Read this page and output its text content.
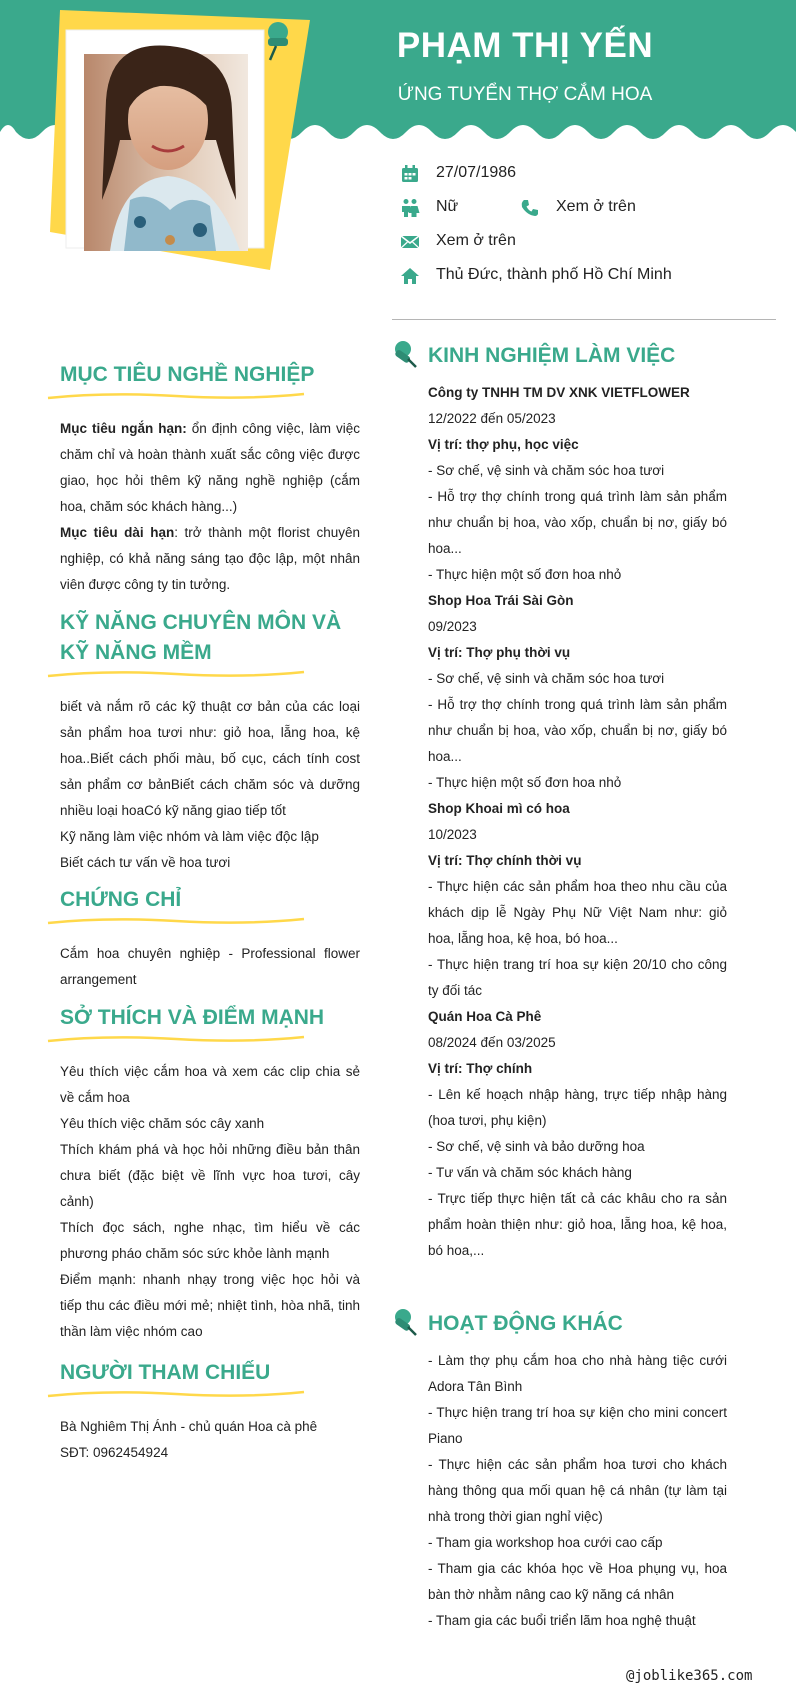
PHẠM THỊ YẾN
ỨNG TUYỂN THỢ CẮM HOA
27/07/1986
Nữ	Xem ở trên
Xem ở trên
Thủ Đức, thành phố Hồ Chí Minh
MỤC TIÊU NGHỀ NGHIỆP
Mục tiêu ngắn hạn: ổn định công việc, làm việc chăm chỉ và hoàn thành xuất sắc công việc được giao, học hỏi thêm kỹ năng nghề nghiệp (cắm hoa, chăm sóc khách hàng...)
Mục tiêu dài hạn: trở thành một florist chuyên nghiệp, có khả năng sáng tạo độc lập, một nhân viên được công ty tin tưởng.
KỸ NĂNG CHUYÊN MÔN VÀ KỸ NĂNG MỀM
biết và nắm rõ các kỹ thuật cơ bản của các loại sản phẩm hoa tươi như: giỏ hoa, lẵng hoa, kệ hoa..Biết cách phối màu, bố cục, cách tính cost sản phẩm cơ bảnBiết cách chăm sóc và dưỡng nhiều loại hoaCó kỹ năng giao tiếp tốt
Kỹ năng làm việc nhóm và làm việc độc lập
Biết cách tư vấn về hoa tươi
CHỨNG CHỈ
Cắm hoa chuyên nghiệp - Professional flower arrangement
SỞ THÍCH VÀ ĐIỂM MẠNH
Yêu thích việc cắm hoa và xem các clip chia sẻ về cắm hoa
Yêu thích việc chăm sóc cây xanh
Thích khám phá và học hỏi những điều bản thân chưa biết (đặc biệt về lĩnh vực hoa tươi, cây cảnh)
Thích đọc sách, nghe nhạc, tìm hiểu về các phương pháo chăm sóc sức khỏe lành mạnh
Điểm mạnh: nhanh nhạy trong việc học hỏi và tiếp thu các điều mới mẻ; nhiệt tình, hòa nhã, tinh thần làm việc nhóm cao
NGƯỜI THAM CHIẾU
Bà Nghiêm Thị Ánh - chủ quán Hoa cà phê
SĐT: 0962454924
KINH NGHIỆM LÀM VIỆC
Công ty TNHH TM DV XNK VIETFLOWER
12/2022 đến 05/2023
Vị trí: thợ phụ, học việc
- Sơ chế, vệ sinh và chăm sóc hoa tươi
- Hỗ trợ thợ chính trong quá trình làm sản phẩm như chuẩn bị hoa, vào xốp, chuẩn bị nơ, giấy bó hoa...
- Thực hiện một số đơn hoa nhỏ
Shop Hoa Trái Sài Gòn
09/2023
Vị trí: Thợ phụ thời vụ
- Sơ chế, vệ sinh và chăm sóc hoa tươi
- Hỗ trợ thợ chính trong quá trình làm sản phẩm như chuẩn bị hoa, vào xốp, chuẩn bị nơ, giấy bó hoa...
- Thực hiện một số đơn hoa nhỏ
Shop Khoai mì có hoa
10/2023
Vị trí: Thợ chính thời vụ
- Thực hiện các sản phẩm hoa theo nhu cầu của khách dịp lễ Ngày Phụ Nữ Việt Nam như: giỏ hoa, lẵng hoa, kệ hoa, bó hoa...
- Thực hiện trang trí hoa sự kiện 20/10 cho công ty đối tác
Quán Hoa Cà Phê
08/2024 đến 03/2025
Vị trí: Thợ chính
- Lên kế hoạch nhập hàng, trực tiếp nhập hàng (hoa tươi, phụ kiện)
- Sơ chế, vệ sinh và bảo dưỡng hoa
- Tư vấn và chăm sóc khách hàng
- Trực tiếp thực hiện tất cả các khâu cho ra sản phẩm hoàn thiện như: giỏ hoa, lẵng hoa, kệ hoa, bó hoa,...
HOẠT ĐỘNG KHÁC
- Làm thợ phụ cắm hoa cho nhà hàng tiệc cưới Adora Tân Bình
- Thực hiện trang trí hoa sự kiện cho mini concert Piano
- Thực hiện các sản phẩm hoa tươi cho khách hàng thông qua mối quan hệ cá nhân (tự làm tại nhà trong thời gian nghỉ việc)
- Tham gia workshop hoa cưới cao cấp
- Tham gia các khóa học về Hoa phụng vụ, hoa bàn thờ nhằm nâng cao kỹ năng cá nhân
- Tham gia các buổi triển lãm hoa nghệ thuật
@joblike365.com
